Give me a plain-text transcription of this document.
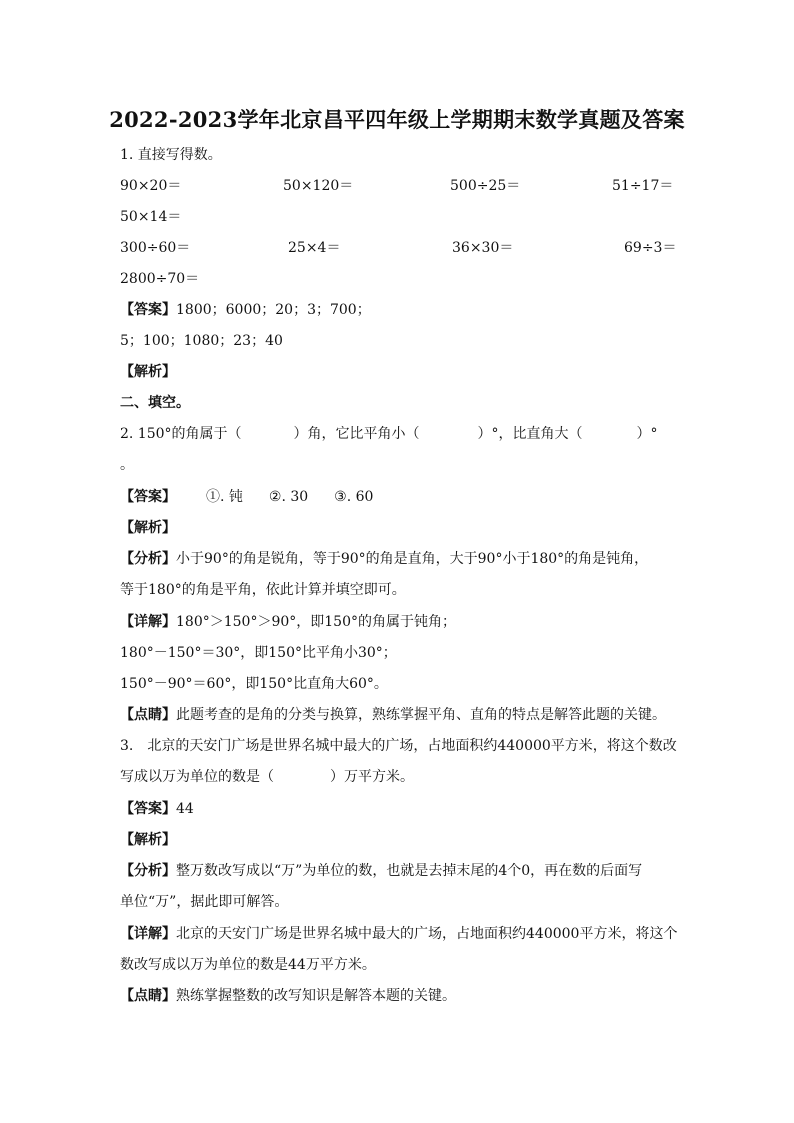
2022-2023学年北京昌平四年级上学期期末数学真题及答案
1. 直接写得数。
90×20＝	50×120＝	500÷25＝	51÷17＝
50×14＝
300÷60＝	25×4＝	36×30＝	69÷3＝
2800÷70＝
【答案】1800；6000；20；3；700；
5；100；1080；23；40
【解析】
二、填空。
2. 150°的角属于（	）角，它比平角小（	）°，比直角大（	）°
。
【答案】 ①. 钝 ②. 30 ③. 60
【解析】
【分析】小于90°的角是锐角，等于90°的角是直角，大于90°小于180°的角是钝角，
等于180°的角是平角，依此计算并填空即可。
【详解】180°＞150°＞90°，即150°的角属于钝角；
180°－150°＝30°，即150°比平角小30°；
150°－90°＝60°，即150°比直角大60°。
【点睛】此题考查的是角的分类与换算，熟练掌握平角、直角的特点是解答此题的关键。
3.　北京的天安门广场是世界名城中最大的广场，占地面积约440000平方米，将这个数改
写成以万为单位的数是（	）万平方米。
【答案】44
【解析】
【分析】整万数改写成以“万”为单位的数，也就是去掉末尾的4个0，再在数的后面写
单位“万”，据此即可解答。
【详解】北京的天安门广场是世界名城中最大的广场，占地面积约440000平方米，将这个
数改写成以万为单位的数是44万平方米。
【点睛】熟练掌握整数的改写知识是解答本题的关键。
